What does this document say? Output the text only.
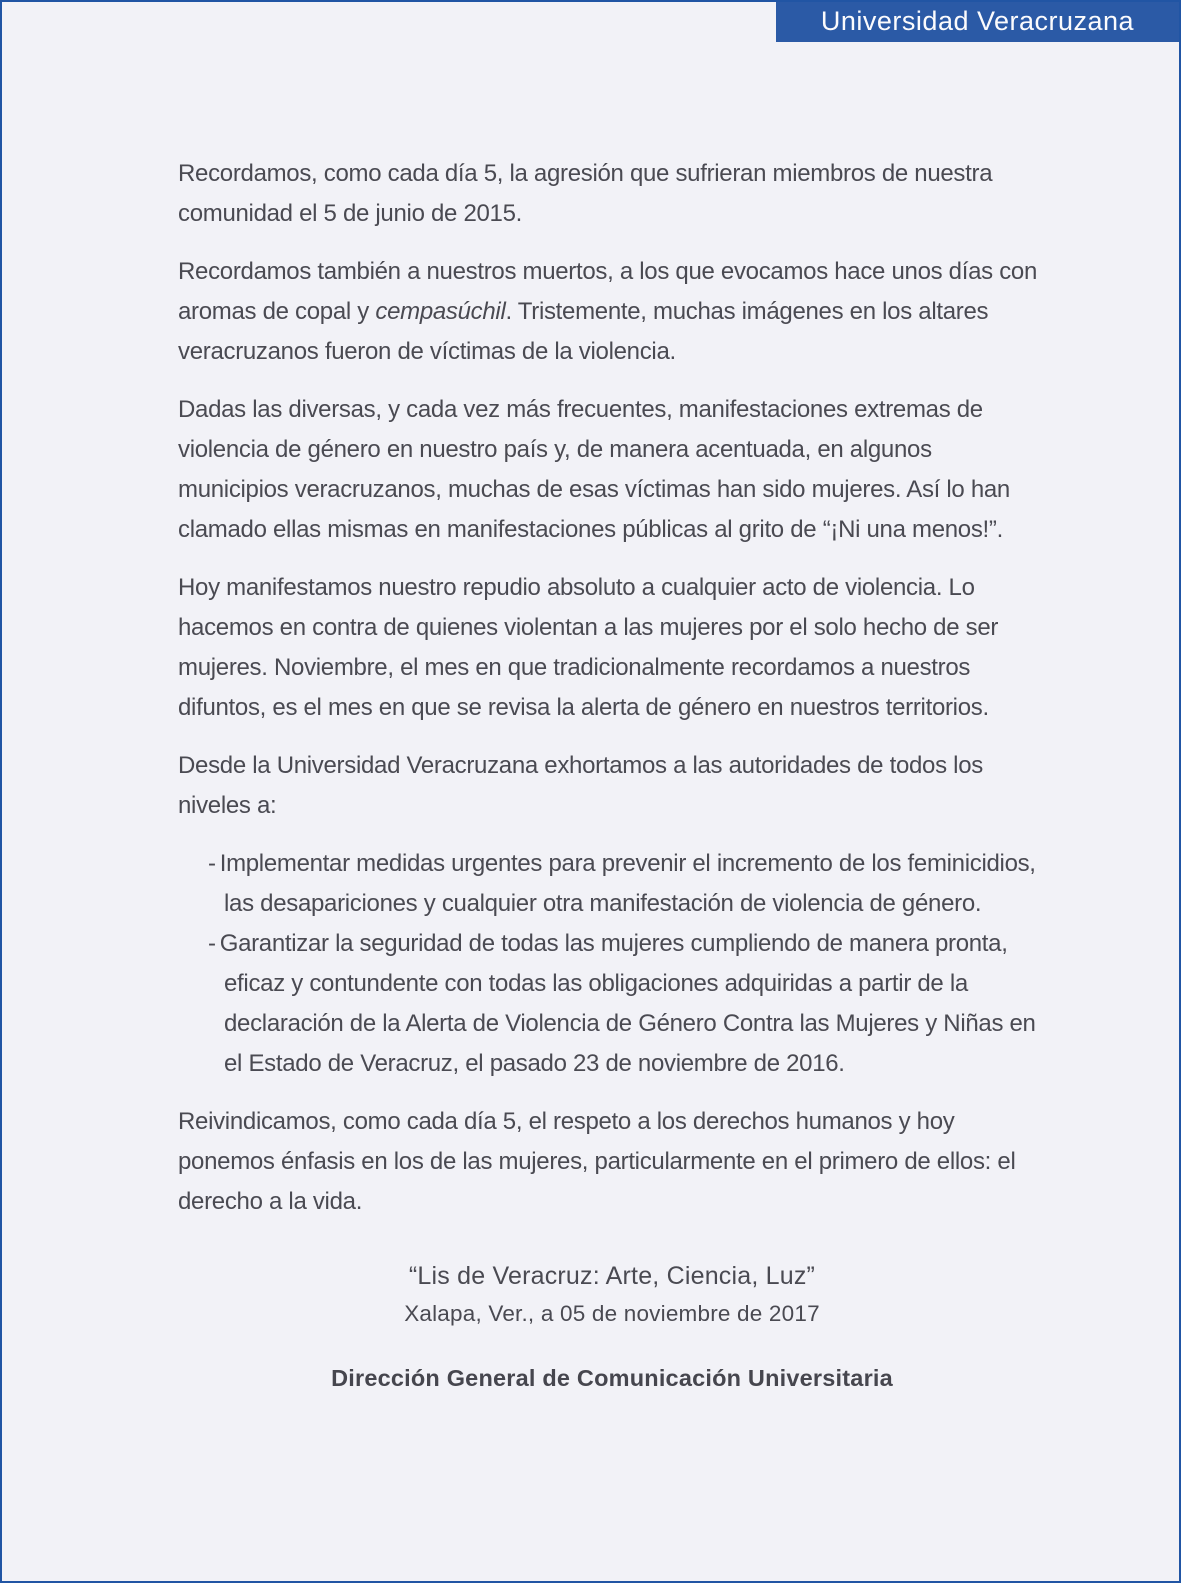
Universidad Veracruzana

Recordamos, como cada día 5, la agresión que sufrieran miembros de nuestra comunidad el 5 de junio de 2015.

Recordamos también a nuestros muertos, a los que evocamos hace unos días con aromas de copal y cempasúchil. Tristemente, muchas imágenes en los altares veracruzanos fueron de víctimas de la violencia.

Dadas las diversas, y cada vez más frecuentes, manifestaciones extremas de violencia de género en nuestro país y, de manera acentuada, en algunos municipios veracruzanos, muchas de esas víctimas han sido mujeres. Así lo han clamado ellas mismas en manifestaciones públicas al grito de “¡Ni una menos!”.

Hoy manifestamos nuestro repudio absoluto a cualquier acto de violencia. Lo hacemos en contra de quienes violentan a las mujeres por el solo hecho de ser mujeres. Noviembre, el mes en que tradicionalmente recordamos a nuestros difuntos, es el mes en que se revisa la alerta de género en nuestros territorios.

Desde la Universidad Veracruzana exhortamos a las autoridades de todos los niveles a:

- Implementar medidas urgentes para prevenir el incremento de los feminicidios, las desapariciones y cualquier otra manifestación de violencia de género.
- Garantizar la seguridad de todas las mujeres cumpliendo de manera pronta, eficaz y contundente con todas las obligaciones adquiridas a partir de la declaración de la Alerta de Violencia de Género Contra las Mujeres y Niñas en el Estado de Veracruz, el pasado 23 de noviembre de 2016.

Reivindicamos, como cada día 5, el respeto a los derechos humanos y hoy ponemos énfasis en los de las mujeres, particularmente en el primero de ellos: el derecho a la vida.

“Lis de Veracruz: Arte, Ciencia, Luz”
Xalapa, Ver., a 05 de noviembre de 2017
Dirección General de Comunicación Universitaria
